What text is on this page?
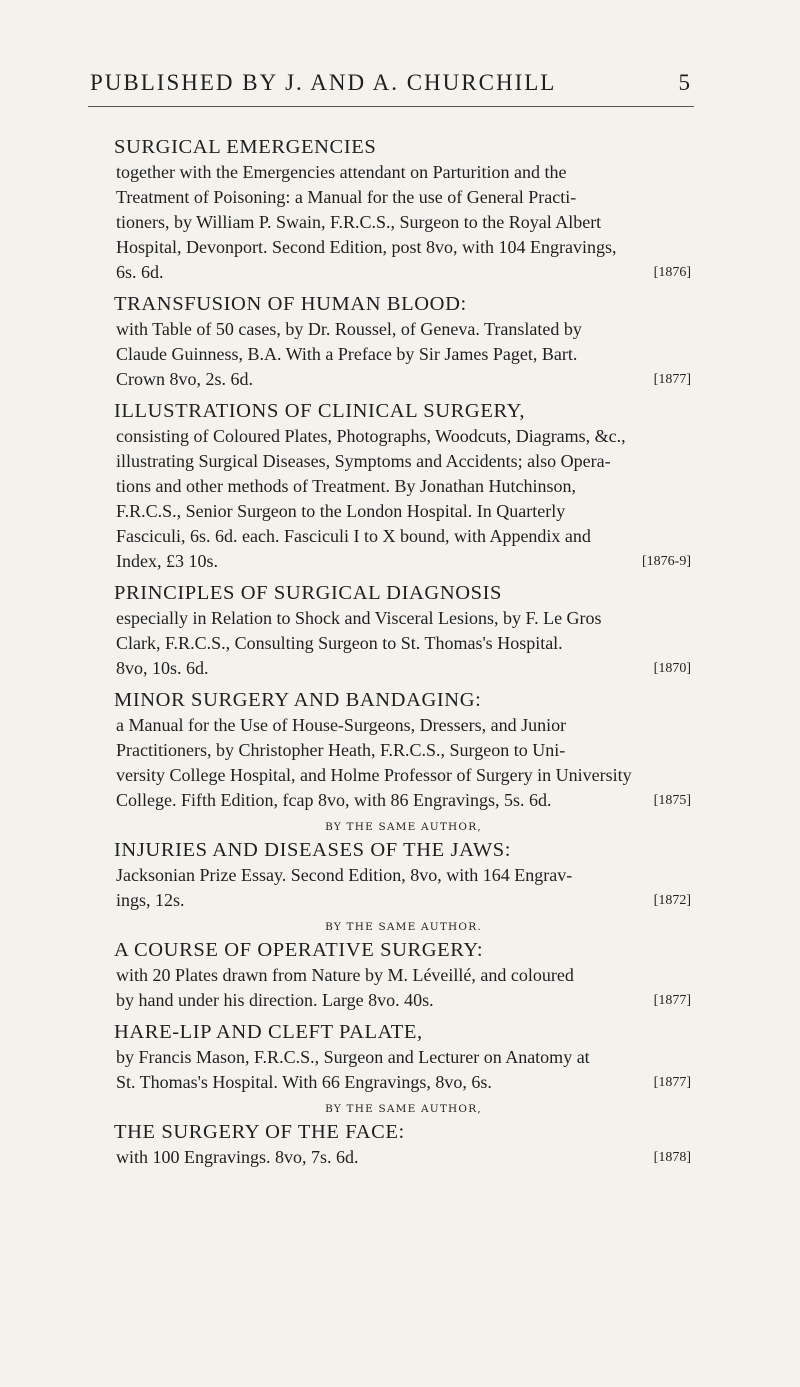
PUBLISHED BY J. AND A. CHURCHILL	5
SURGICAL EMERGENCIES
together with the Emergencies attendant on Parturition and the
Treatment of Poisoning: a Manual for the use of General Practi-
tioners, by William P. Swain, F.R.C.S., Surgeon to the Royal Albert
Hospital, Devonport. Second Edition, post 8vo, with 104 Engravings,
6s. 6d.	[1876]
TRANSFUSION OF HUMAN BLOOD:
with Table of 50 cases, by Dr. Roussel, of Geneva. Translated by
Claude Guinness, B.A. With a Preface by Sir James Paget, Bart.
Crown 8vo, 2s. 6d.	[1877]
ILLUSTRATIONS OF CLINICAL SURGERY,
consisting of Coloured Plates, Photographs, Woodcuts, Diagrams, &c.,
illustrating Surgical Diseases, Symptoms and Accidents; also Opera-
tions and other methods of Treatment. By Jonathan Hutchinson,
F.R.C.S., Senior Surgeon to the London Hospital. In Quarterly
Fasciculi, 6s. 6d. each. Fasciculi I to X bound, with Appendix and
Index, £3 10s.	[1876-9]
PRINCIPLES OF SURGICAL DIAGNOSIS
especially in Relation to Shock and Visceral Lesions, by F. Le Gros
Clark, F.R.C.S., Consulting Surgeon to St. Thomas's Hospital.
8vo, 10s. 6d.	[1870]
MINOR SURGERY AND BANDAGING:
a Manual for the Use of House-Surgeons, Dressers, and Junior
Practitioners, by Christopher Heath, F.R.C.S., Surgeon to Uni-
versity College Hospital, and Holme Professor of Surgery in University
College. Fifth Edition, fcap 8vo, with 86 Engravings, 5s. 6d.	[1875]
BY THE SAME AUTHOR,
INJURIES AND DISEASES OF THE JAWS:
Jacksonian Prize Essay. Second Edition, 8vo, with 164 Engrav-
ings, 12s.	[1872]
BY THE SAME AUTHOR.
A COURSE OF OPERATIVE SURGERY:
with 20 Plates drawn from Nature by M. Léveillé, and coloured
by hand under his direction. Large 8vo. 40s.	[1877]
HARE-LIP AND CLEFT PALATE,
by Francis Mason, F.R.C.S., Surgeon and Lecturer on Anatomy at
St. Thomas's Hospital. With 66 Engravings, 8vo, 6s.	[1877]
BY THE SAME AUTHOR,
THE SURGERY OF THE FACE:
with 100 Engravings. 8vo, 7s. 6d.	[1878]
